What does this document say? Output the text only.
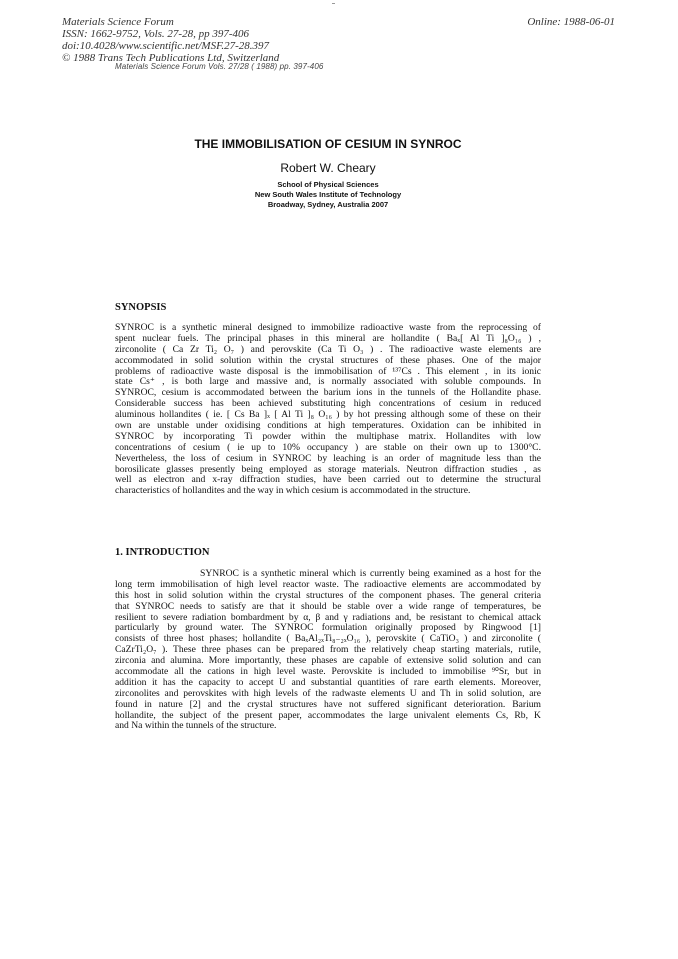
Materials Science Forum
ISSN: 1662-9752, Vols. 27-28, pp 397-406
doi:10.4028/www.scientific.net/MSF.27-28.397
© 1988 Trans Tech Publications Ltd, Switzerland
Online: 1988-06-01
Materials Science Forum Vols. 27/28 ( 1988) pp. 397-406
THE IMMOBILISATION OF CESIUM IN SYNROC
Robert W. Cheary
School of Physical Sciences
New South Wales Institute of Technology
Broadway, Sydney, Australia 2007
SYNOPSIS
SYNROC is a synthetic mineral designed to immobilize radioactive waste from the reprocessing of
spent nuclear fuels. The principal phases in this mineral are hollandite ( Baₓ[ Al Ti ]₈O₁₆ ) ,
zirconolite ( Ca Zr Ti₂ O₇ ) and perovskite (Ca Ti O₃ ) . The radioactive waste elements are
accommodated in solid solution within the crystal structures of these phases. One of the major
problems of radioactive waste disposal is the immobilisation of ¹³⁷Cs . This element , in its ionic
state Cs⁺ , is both large and massive and, is normally associated with soluble compounds. In
SYNROC, cesium is accommodated between the barium ions in the tunnels of the Hollandite phase.
Considerable success has been achieved substituting high concentrations of cesium in reduced
aluminous hollandites ( ie. [ Cs Ba ]ₓ [ Al Ti ]₈ O₁₆ ) by hot pressing although some of these on their
own are unstable under oxidising conditions at high temperatures. Oxidation can be inhibited in
SYNROC by incorporating Ti powder within the multiphase matrix. Hollandites with low
concentrations of cesium ( ie up to 10% occupancy ) are stable on their own up to 1300°C.
Nevertheless, the loss of cesium in SYNROC by leaching is an order of magnitude less than the
borosilicate glasses presently being employed as storage materials. Neutron diffraction studies , as
well as electron and x-ray diffraction studies, have been carried out to determine the structural
characteristics of hollandites and the way in which cesium is accommodated in the structure.
1. INTRODUCTION
SYNROC is a synthetic mineral which is currently being examined as a host for the
long term immobilisation of high level reactor waste. The radioactive elements are accommodated by
this host in solid solution within the crystal structures of the component phases. The general criteria
that SYNROC needs to satisfy are that it should be stable over a wide range of temperatures, be
resilient to severe radiation bombardment by α, β and γ radiations and, be resistant to chemical attack
particularly by ground water. The SYNROC formulation originally proposed by Ringwood [1]
consists of three host phases; hollandite ( BaₓAl₂ₓTi₈₋₂ₓO₁₆ ), perovskite ( CaTiO₃ ) and zirconolite (
CaZrTi₂O₇ ). These three phases can be prepared from the relatively cheap starting materials, rutile,
zirconia and alumina. More importantly, these phases are capable of extensive solid solution and can
accommodate all the cations in high level waste. Perovskite is included to immobilise ⁹⁰Sr, but in
addition it has the capacity to accept U and substantial quantities of rare earth elements. Moreover,
zirconolites and perovskites with high levels of the radwaste elements U and Th in solid solution, are
found in nature [2] and the crystal structures have not suffered significant deterioration. Barium
hollandite, the subject of the present paper, accommodates the large univalent elements Cs, Rb, K
and Na within the tunnels of the structure.
